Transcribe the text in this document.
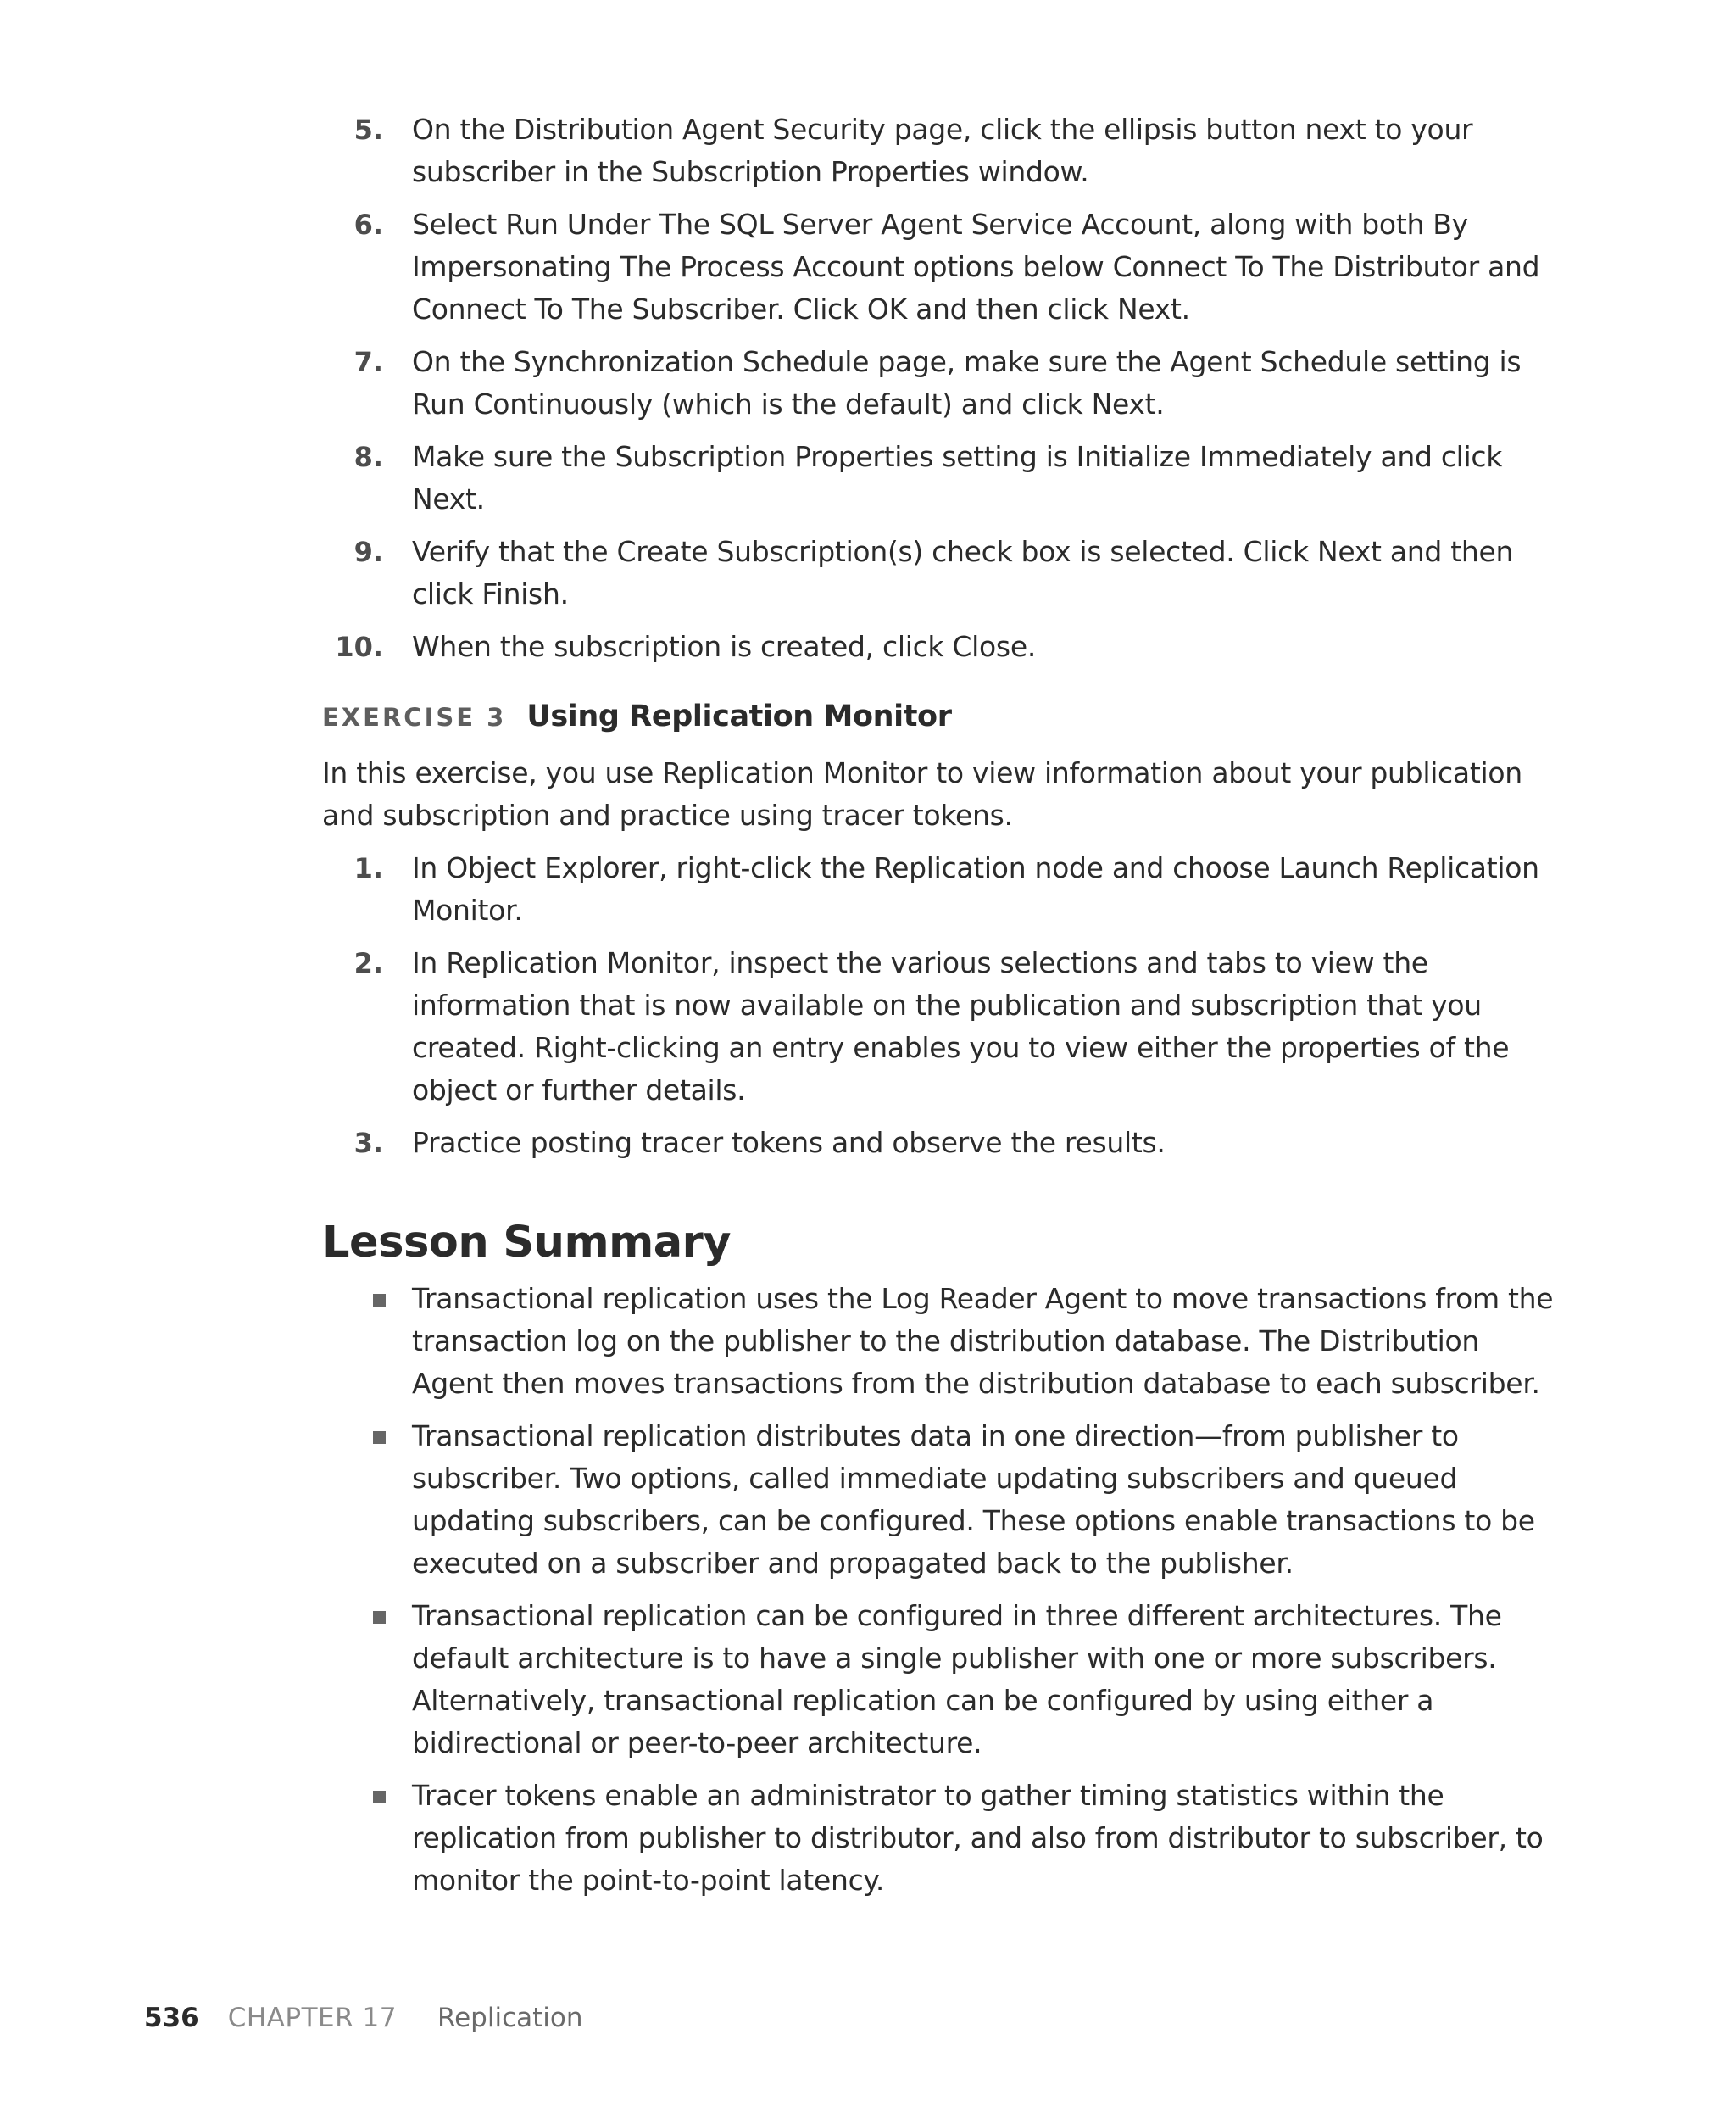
5. On the Distribution Agent Security page, click the ellipsis button next to your subscriber in the Subscription Properties window.
6. Select Run Under The SQL Server Agent Service Account, along with both By Impersonating The Process Account options below Connect To The Distributor and Connect To The Subscriber. Click OK and then click Next.
7. On the Synchronization Schedule page, make sure the Agent Schedule setting is Run Continuously (which is the default) and click Next.
8. Make sure the Subscription Properties setting is Initialize Immediately and click Next.
9. Verify that the Create Subscription(s) check box is selected. Click Next and then click Finish.
10. When the subscription is created, click Close.
EXERCISE 3 Using Replication Monitor
In this exercise, you use Replication Monitor to view information about your publication and subscription and practice using tracer tokens.
1. In Object Explorer, right-click the Replication node and choose Launch Replication Monitor.
2. In Replication Monitor, inspect the various selections and tabs to view the information that is now available on the publication and subscription that you created. Right-clicking an entry enables you to view either the properties of the object or further details.
3. Practice posting tracer tokens and observe the results.
Lesson Summary
Transactional replication uses the Log Reader Agent to move transactions from the transaction log on the publisher to the distribution database. The Distribution Agent then moves transactions from the distribution database to each subscriber.
Transactional replication distributes data in one direction—from publisher to subscriber. Two options, called immediate updating subscribers and queued updating subscribers, can be configured. These options enable transactions to be executed on a subscriber and propagated back to the publisher.
Transactional replication can be configured in three different architectures. The default architecture is to have a single publisher with one or more subscribers. Alternatively, transactional replication can be configured by using either a bidirectional or peer-to-peer architecture.
Tracer tokens enable an administrator to gather timing statistics within the replication from publisher to distributor, and also from distributor to subscriber, to monitor the point-to-point latency.
536 CHAPTER 17 Replication
